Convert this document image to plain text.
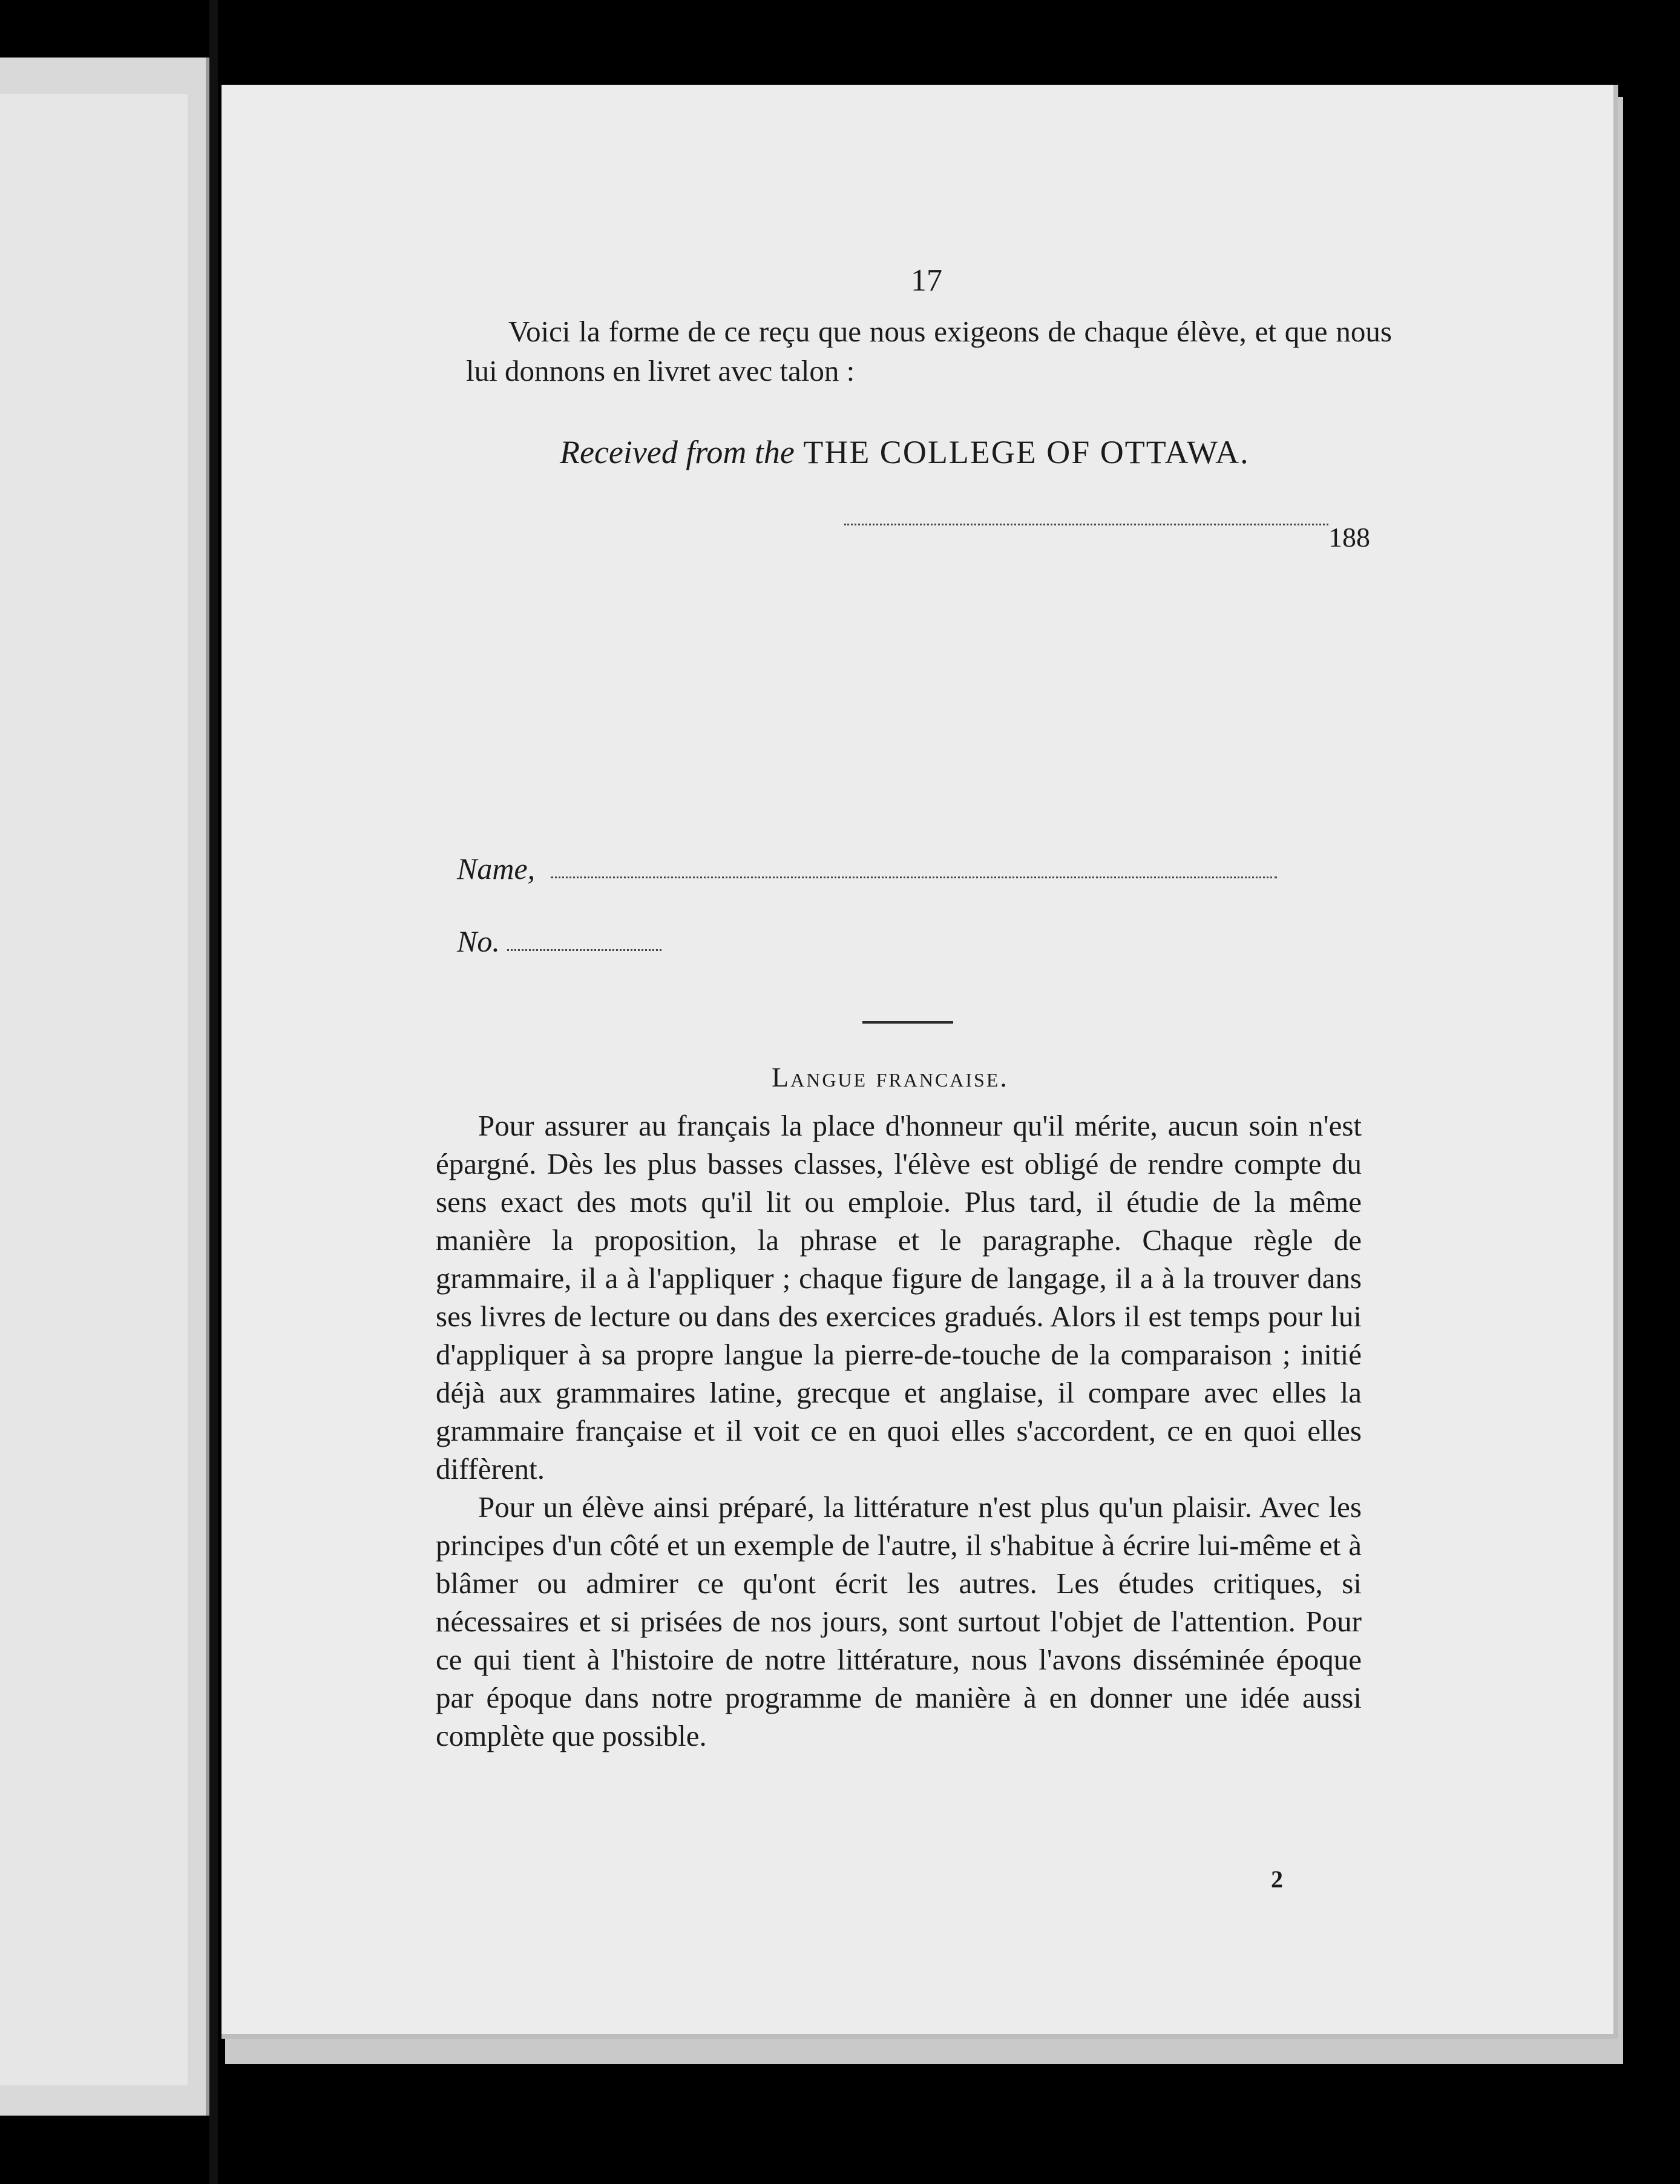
17

Voici la forme de ce reçu que nous exigeons de chaque élève, et que nous lui donnons en livret avec talon :

Received from the THE COLLEGE OF OTTAWA.
188
Name,
No.
Langue francaise.

Pour assurer au français la place d'honneur qu'il mérite, aucun soin n'est épargné. Dès les plus basses classes, l'élève est obligé de rendre compte du sens exact des mots qu'il lit ou emploie. Plus tard, il étudie de la même manière la proposition, la phrase et le paragraphe. Chaque règle de grammaire, il a à l'appliquer ; chaque figure de langage, il a à la trouver dans ses livres de lecture ou dans des exercices gradués. Alors il est temps pour lui d'appliquer à sa propre langue la pierre-de-touche de la comparaison ; initié déjà aux grammaires latine, grecque et anglaise, il compare avec elles la grammaire française et il voit ce en quoi elles s'accordent, ce en quoi elles diffèrent.

Pour un élève ainsi préparé, la littérature n'est plus qu'un plaisir. Avec les principes d'un côté et un exemple de l'autre, il s'habitue à écrire lui-même et à blâmer ou admirer ce qu'ont écrit les autres. Les études critiques, si nécessaires et si prisées de nos jours, sont surtout l'objet de l'attention. Pour ce qui tient à l'histoire de notre littérature, nous l'avons disséminée époque par époque dans notre programme de manière à en donner une idée aussi complète que possible.

2
